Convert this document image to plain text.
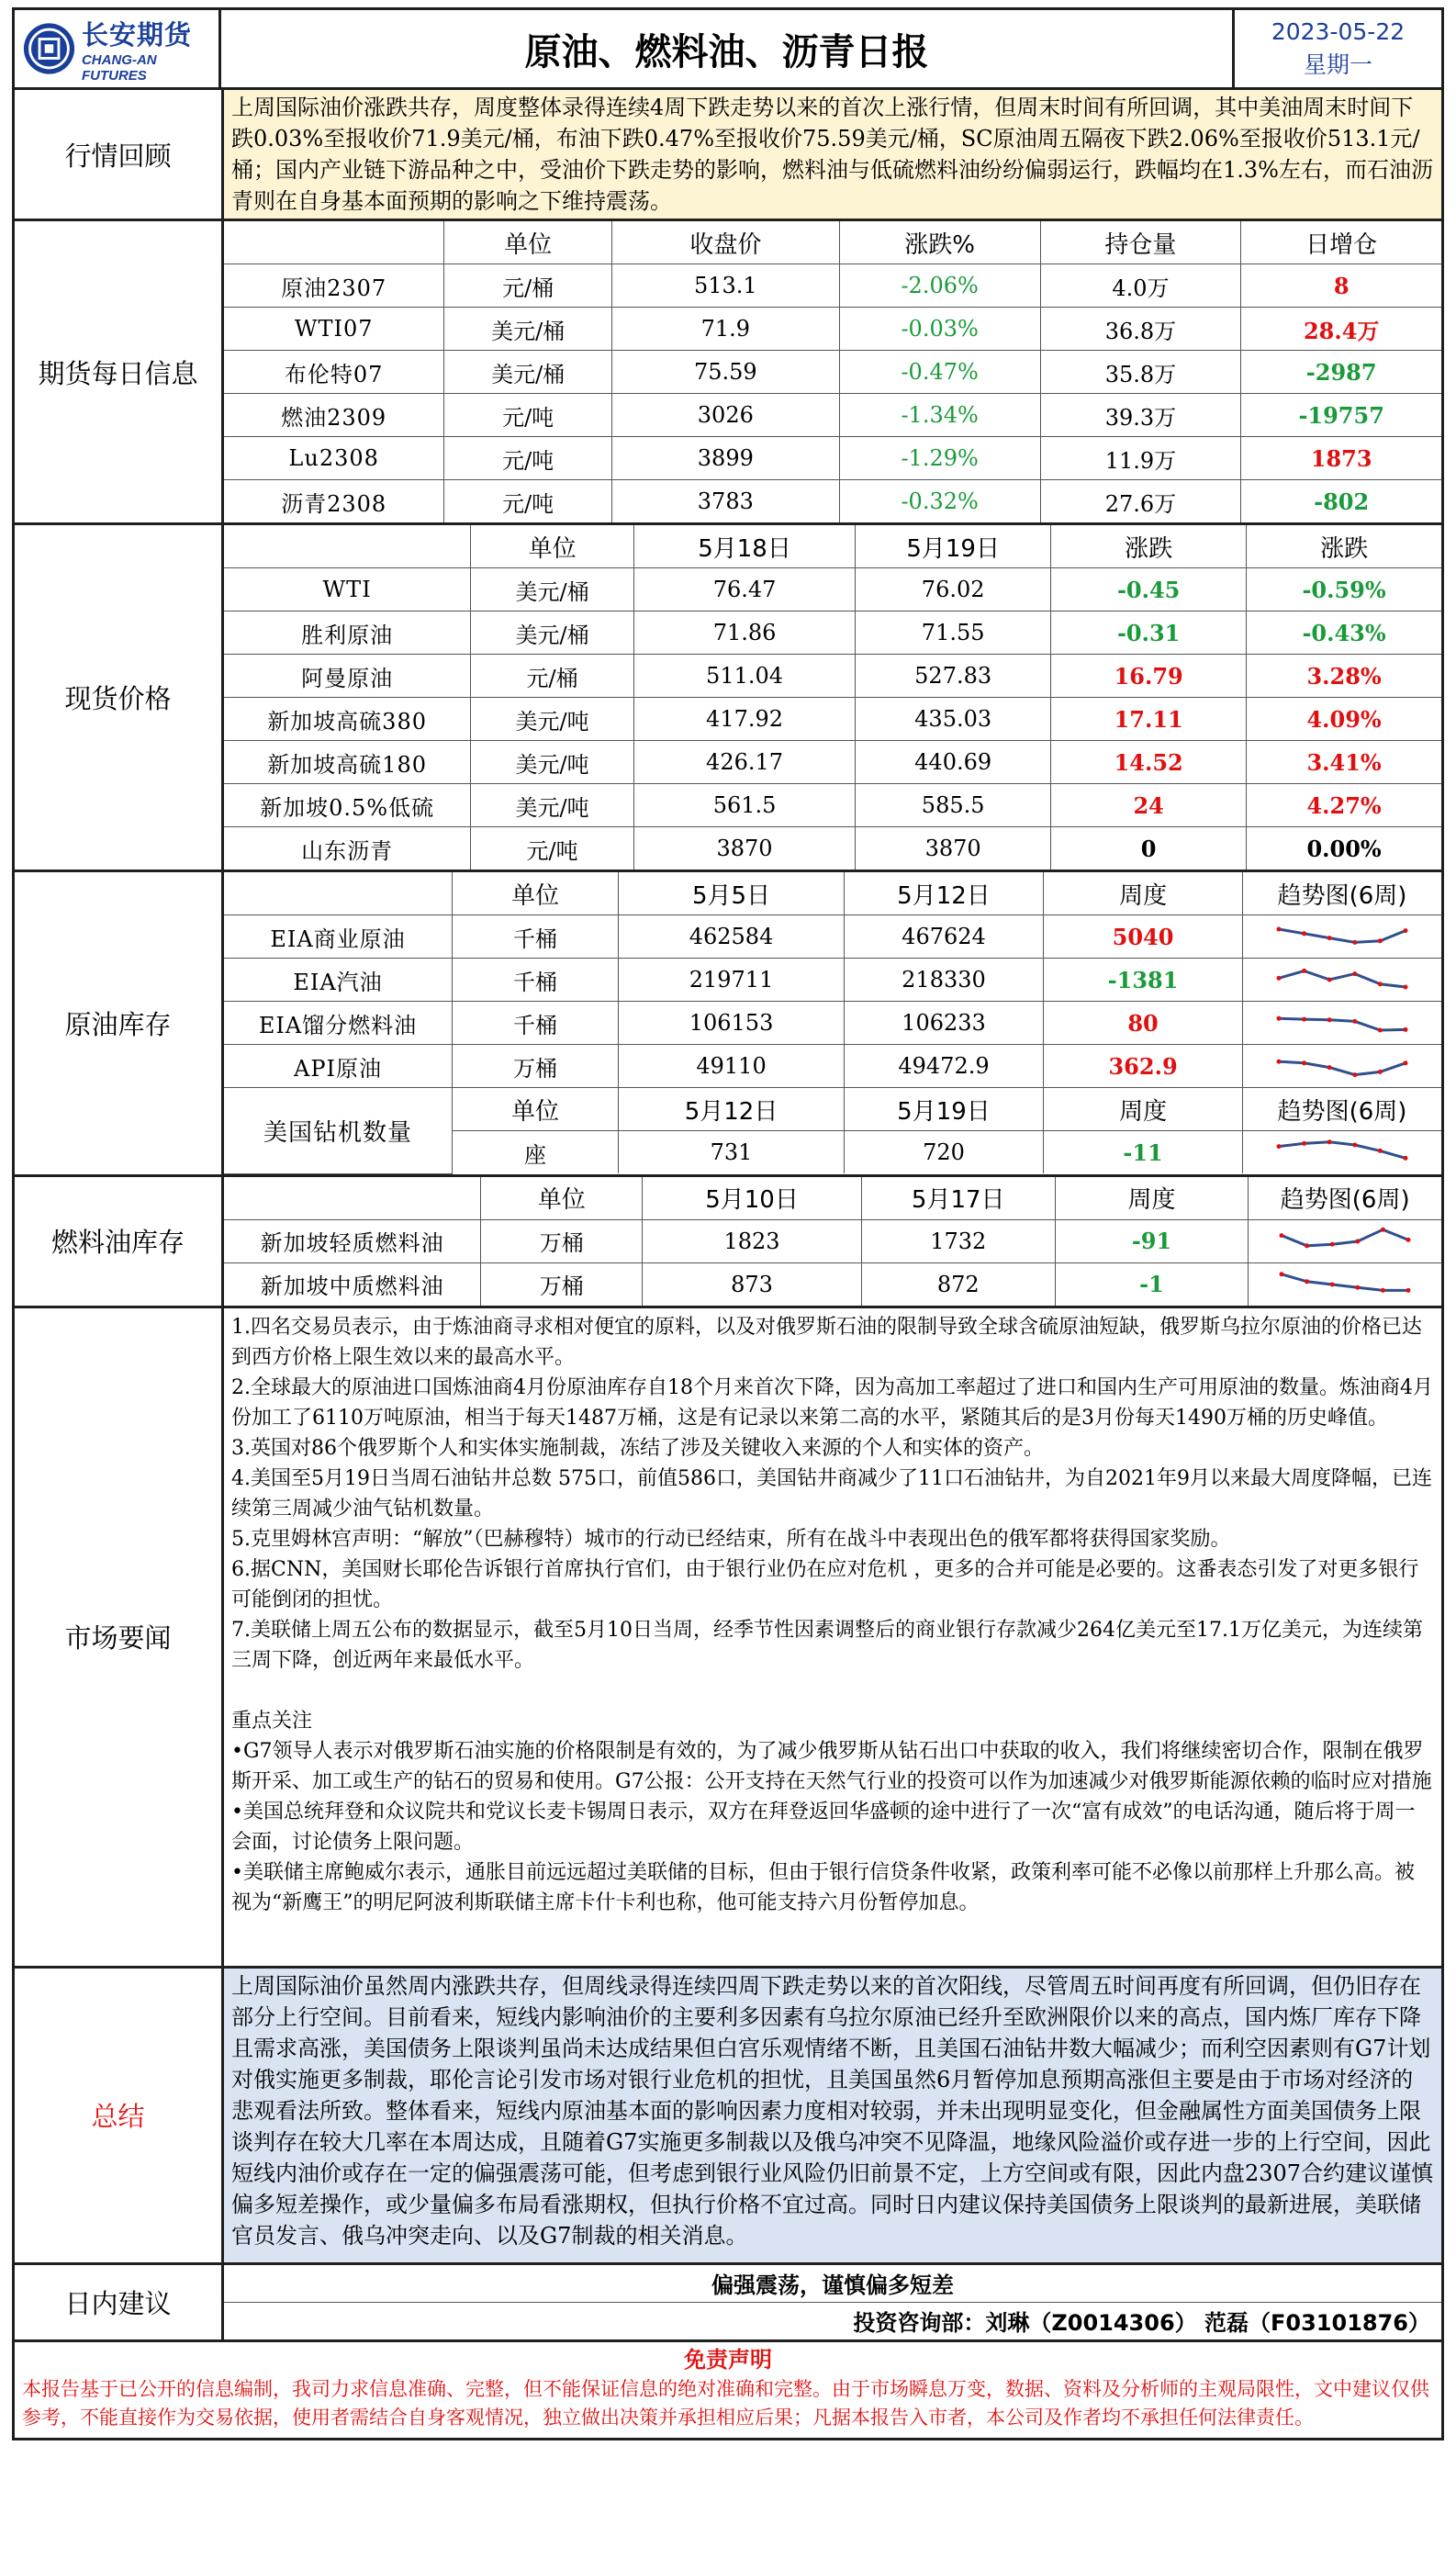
长安期货
CHANG-AN FUTURES
原油、燃料油、沥青日报	2023-05-22
星期一
行情回顾
上周国际油价涨跌共存，周度整体录得连续4周下跌走势以来的首次上涨行情，但周末时间有所回调，其中美油周末时间下跌0.03%至报收价71.9美元/桶，布油下跌0.47%至报收价75.59美元/桶，SC原油周五隔夜下跌2.06%至报收价513.1元/桶；国内产业链下游品种之中，受油价下跌走势的影响，燃料油与低硫燃料油纷纷偏弱运行，跌幅均在1.3%左右，而石油沥青则在自身基本面预期的影响之下维持震荡。
期货每日信息
	单位	收盘价	涨跌%	持仓量	日增仓
原油2307	元/桶	513.1	-2.06%	4.0万	8
WTI07	美元/桶	71.9	-0.03%	36.8万	28.4万
布伦特07	美元/桶	75.59	-0.47%	35.8万	-2987
燃油2309	元/吨	3026	-1.34%	39.3万	-19757
Lu2308	元/吨	3899	-1.29%	11.9万	1873
沥青2308	元/吨	3783	-0.32%	27.6万	-802
现货价格
	单位	5月18日	5月19日	涨跌	涨跌
WTI	美元/桶	76.47	76.02	-0.45	-0.59%
胜利原油	美元/桶	71.86	71.55	-0.31	-0.43%
阿曼原油	元/桶	511.04	527.83	16.79	3.28%
新加坡高硫380	美元/吨	417.92	435.03	17.11	4.09%
新加坡高硫180	美元/吨	426.17	440.69	14.52	3.41%
新加坡0.5%低硫	美元/吨	561.5	585.5	24	4.27%
山东沥青	元/吨	3870	3870	0	0.00%
原油库存
	单位	5月5日	5月12日	周度	趋势图(6周)
EIA商业原油	千桶	462584	467624	5040	

EIA汽油	千桶	219711	218330	-1381	

EIA馏分燃料油	千桶	106153	106233	80	

API原油	万桶	49110	49472.9	362.9	

美国钻机数量	单位	5月12日	5月19日	周度	趋势图(6周)
	座	731	720	-11	
燃料油库存
	单位	5月10日	5月17日	周度	趋势图(6周)
新加坡轻质燃料油	万桶	1823	1732	-91	

新加坡中质燃料油	万桶	873	872	-1	
市场要闻

1.四名交易员表示，由于炼油商寻求相对便宜的原料，以及对俄罗斯石油的限制导致全球含硫原油短缺，俄罗斯乌拉尔原油的价格已达到西方价格上限生效以来的最高水平。

2.全球最大的原油进口国炼油商4月份原油库存自18个月来首次下降，因为高加工率超过了进口和国内生产可用原油的数量。炼油商4月份加工了6110万吨原油，相当于每天1487万桶，这是有记录以来第二高的水平，紧随其后的是3月份每天1490万桶的历史峰值。

3.英国对86个俄罗斯个人和实体实施制裁，冻结了涉及关键收入来源的个人和实体的资产。

4.美国至5月19日当周石油钻井总数 575口，前值586口，美国钻井商减少了11口石油钻井，为自2021年9月以来最大周度降幅，已连续第三周减少油气钻机数量。

5.克里姆林宫声明：“解放”（巴赫穆特）城市的行动已经结束，所有在战斗中表现出色的俄军都将获得国家奖励。

6.据CNN，美国财长耶伦告诉银行首席执行官们，由于银行业仍在应对危机 ，更多的合并可能是必要的。这番表态引发了对更多银行可能倒闭的担忧。

7.美联储上周五公布的数据显示，截至5月10日当周，经季节性因素调整后的商业银行存款减少264亿美元至17.1万亿美元，为连续第三周下降，创近两年来最低水平。

重点关注

•G7领导人表示对俄罗斯石油实施的价格限制是有效的，为了减少俄罗斯从钻石出口中获取的收入，我们将继续密切合作，限制在俄罗斯开采、加工或生产的钻石的贸易和使用。G7公报：公开支持在天然气行业的投资可以作为加速减少对俄罗斯能源依赖的临时应对措施

•美国总统拜登和众议院共和党议长麦卡锡周日表示，双方在拜登返回华盛顿的途中进行了一次“富有成效”的电话沟通，随后将于周一会面，讨论债务上限问题。

•美联储主席鲍威尔表示，通胀目前远远超过美联储的目标，但由于银行信贷条件收紧，政策利率可能不必像以前那样上升那么高。被视为“新鹰王”的明尼阿波利斯联储主席卡什卡利也称，他可能支持六月份暂停加息。

总结
上周国际油价虽然周内涨跌共存，但周线录得连续四周下跌走势以来的首次阳线，尽管周五时间再度有所回调，但仍旧存在部分上行空间。目前看来，短线内影响油价的主要利多因素有乌拉尔原油已经升至欧洲限价以来的高点，国内炼厂库存下降且需求高涨，美国债务上限谈判虽尚未达成结果但白宫乐观情绪不断，且美国石油钻井数大幅减少；而利空因素则有G7计划对俄实施更多制裁，耶伦言论引发市场对银行业危机的担忧，且美国虽然6月暂停加息预期高涨但主要是由于市场对经济的悲观看法所致。整体看来，短线内原油基本面的影响因素力度相对较弱，并未出现明显变化，但金融属性方面美国债务上限谈判存在较大几率在本周达成，且随着G7实施更多制裁以及俄乌冲突不见降温，地缘风险溢价或存进一步的上行空间，因此短线内油价或存在一定的偏强震荡可能，但考虑到银行业风险仍旧前景不定，上方空间或有限，因此内盘2307合约建议谨慎偏多短差操作，或少量偏多布局看涨期权，但执行价格不宜过高。同时日内建议保持美国债务上限谈判的最新进展，美联储官员发言、俄乌冲突走向、以及G7制裁的相关消息。
日内建议
偏强震荡，谨慎偏多短差
投资咨询部：刘琳（Z0014306） 范磊（F03101876）
免责声明
本报告基于已公开的信息编制，我司力求信息准确、完整，但不能保证信息的绝对准确和完整。由于市场瞬息万变，数据、资料及分析师的主观局限性，文中建议仅供参考，不能直接作为交易依据，使用者需结合自身客观情况，独立做出决策并承担相应后果；凡据本报告入市者，本公司及作者均不承担任何法律责任。
